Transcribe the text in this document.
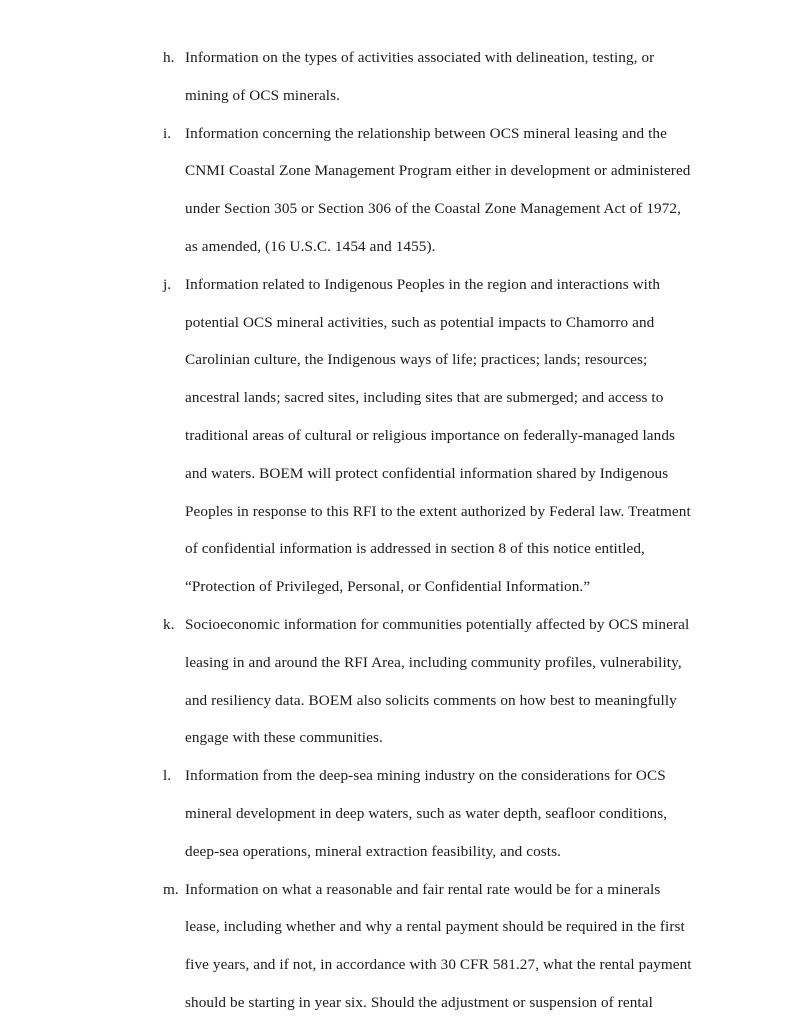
h. Information on the types of activities associated with delineation, testing, or
mining of OCS minerals.
i. Information concerning the relationship between OCS mineral leasing and the
CNMI Coastal Zone Management Program either in development or administered
under Section 305 or Section 306 of the Coastal Zone Management Act of 1972,
as amended, (16 U.S.C. 1454 and 1455).
j. Information related to Indigenous Peoples in the region and interactions with
potential OCS mineral activities, such as potential impacts to Chamorro and
Carolinian culture, the Indigenous ways of life; practices; lands; resources;
ancestral lands; sacred sites, including sites that are submerged; and access to
traditional areas of cultural or religious importance on federally-managed lands
and waters. BOEM will protect confidential information shared by Indigenous
Peoples in response to this RFI to the extent authorized by Federal law. Treatment
of confidential information is addressed in section 8 of this notice entitled,
“Protection of Privileged, Personal, or Confidential Information.”
k. Socioeconomic information for communities potentially affected by OCS mineral
leasing in and around the RFI Area, including community profiles, vulnerability,
and resiliency data. BOEM also solicits comments on how best to meaningfully
engage with these communities.
l. Information from the deep-sea mining industry on the considerations for OCS
mineral development in deep waters, such as water depth, seafloor conditions,
deep-sea operations, mineral extraction feasibility, and costs.
m. Information on what a reasonable and fair rental rate would be for a minerals
lease, including whether and why a rental payment should be required in the first
five years, and if not, in accordance with 30 CFR 581.27, what the rental payment
should be starting in year six. Should the adjustment or suspension of rental
